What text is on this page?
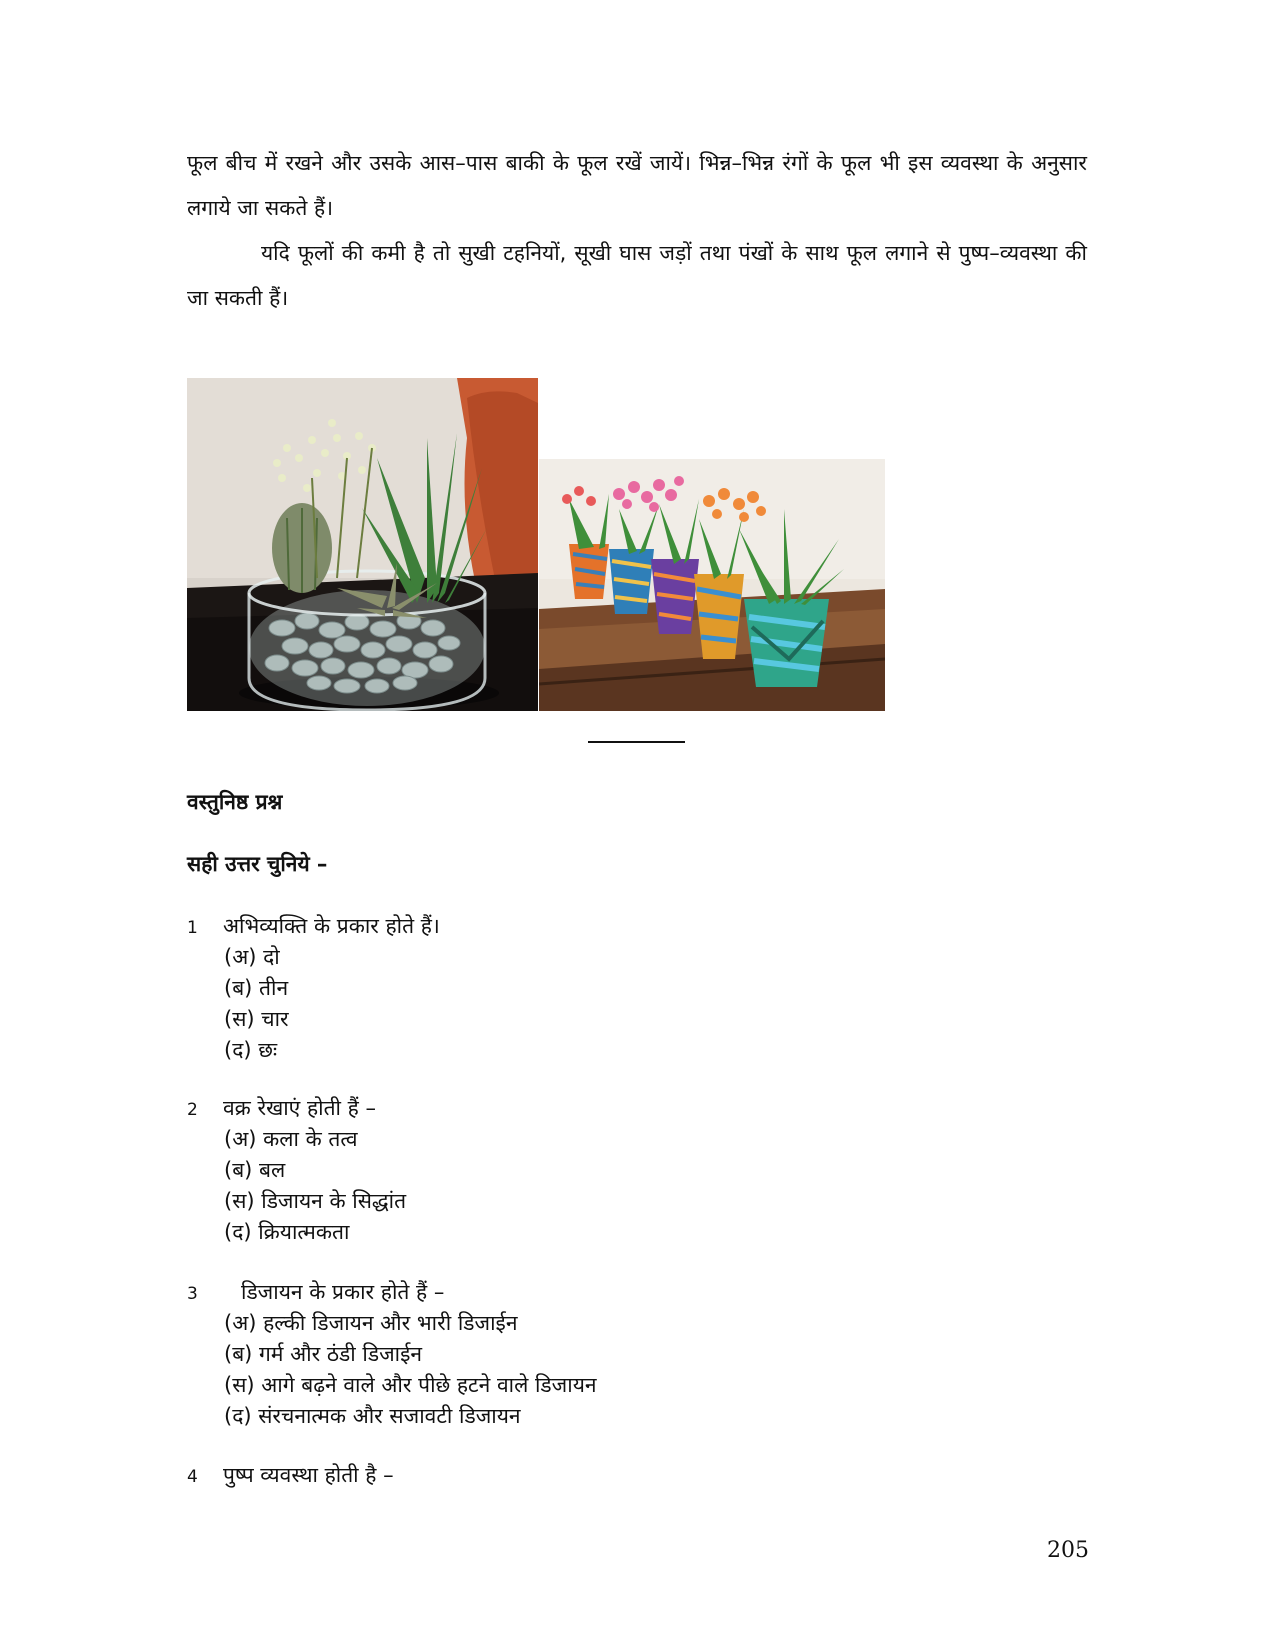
फूल बीच में रखने और उसके आस–पास बाकी के फूल रखें जायें। भिन्न–भिन्न रंगों के फूल भी इस व्यवस्था के अनुसार लगाये जा सकते हैं।

यदि फूलों की कमी है तो सुखी टहनियों, सूखी घास जड़ों तथा पंखों के साथ फूल लगाने से पुष्प–व्यवस्था की जा सकती हैं।

वस्तुनिष्ठ प्रश्न
सही उत्तर चुनिये –
1 अभिव्यक्ति के प्रकार होते हैं।
(अ) दो
(ब) तीन
(स) चार
(द) छः
2 वक्र रेखाएं होती हैं –
(अ) कला के तत्व
(ब) बल
(स) डिजायन के सिद्धांत
(द) क्रियात्मकता
3 डिजायन के प्रकार होते हैं –
(अ) हल्की डिजायन और भारी डिजाईन
(ब) गर्म और ठंडी डिजाईन
(स) आगे बढ़ने वाले और पीछे हटने वाले डिजायन
(द) संरचनात्मक और सजावटी डिजायन
4 पुष्प व्यवस्था होती है –
205
